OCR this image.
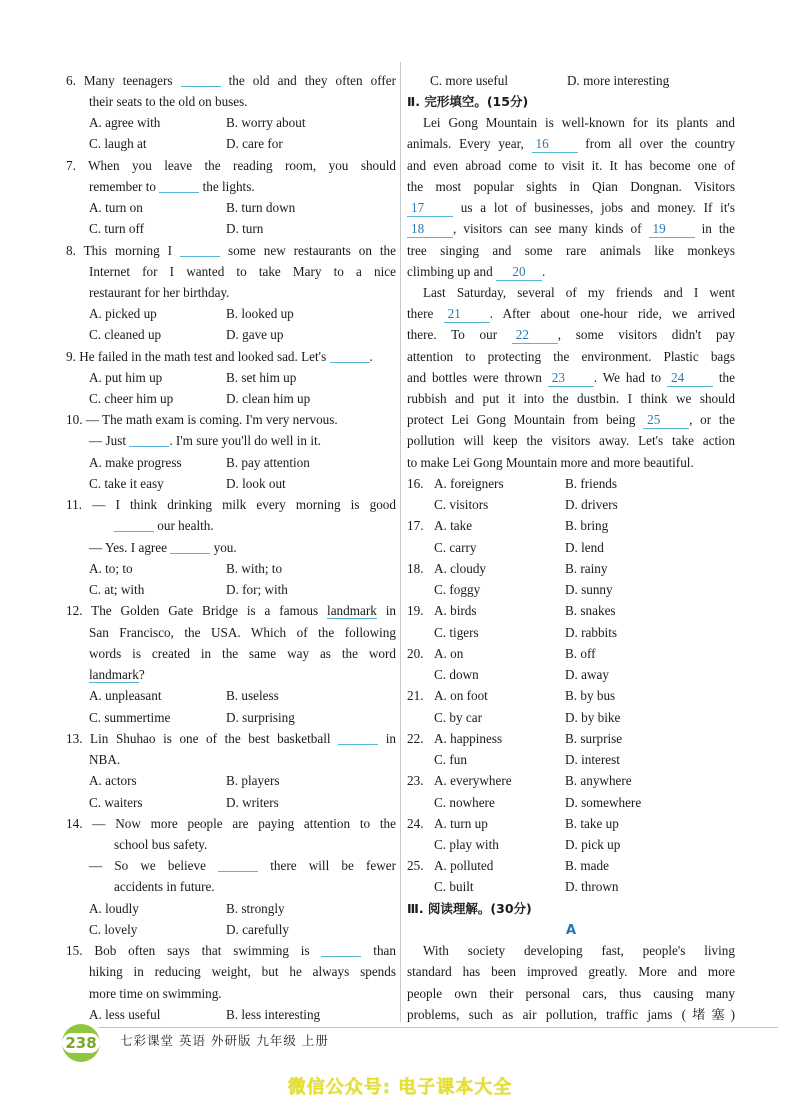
6. Many teenagers	the old and they often offer
their seats to the old on buses.
A. agree with	B. worry about
C. laugh at	D. care for
7. When you leave the reading room, you should
remember to	the lights.
A. turn on	B. turn down
C. turn off	D. turn
8. This morning I	some new restaurants on the
Internet for I wanted to take Mary to a nice
restaurant for her birthday.
A. picked up	B. looked up
C. cleaned up	D. gave up
9. He failed in the math test and looked sad. Let's	.
A. put him up	B. set him up
C. cheer him up	D. clean him up
10. — The math exam is coming. I'm very nervous.
— Just	. I'm sure you'll do well in it.
A. make progress	B. pay attention
C. take it easy	D. look out
11. — I think drinking milk every morning is good
our health.
— Yes. I agree	you.
A. to; to	B. with; to
C. at; with	D. for; with
12. The Golden Gate Bridge is a famous landmark in
San Francisco, the USA. Which of the following
words is created in the same way as the word
landmark?
A. unpleasant	B. useless
C. summertime	D. surprising
13. Lin Shuhao is one of the best basketball	in
NBA.
A. actors	B. players
C. waiters	D. writers
14. — Now more people are paying attention to the
school bus safety.
— So we believe	there will be fewer
accidents in future.
A. loudly	B. strongly
C. lovely	D. carefully
15. Bob often says that swimming is	than
hiking in reducing weight, but he always spends
more time on swimming.
A. less useful	B. less interesting
C. more useful	D. more interesting
Ⅱ. 完形填空。(15分)
Lei Gong Mountain is well-known for its plants and
animals. Every year, 16 from all over the country
and even abroad come to visit it. It has become one of
the most popular sights in Qian Dongnan. Visitors
17 us a lot of businesses, jobs and money. If it's
18 , visitors can see many kinds of 19 in the
tree singing and some rare animals like monkeys
climbing up and 20 .
Last Saturday, several of my friends and I went
there 21 . After about one-hour ride, we arrived
there. To our 22 , some visitors didn't pay
attention to protecting the environment. Plastic bags
and bottles were thrown 23 . We had to 24 the
rubbish and put it into the dustbin. I think we should
protect Lei Gong Mountain from being 25 , or the
pollution will keep the visitors away. Let's take action
to make Lei Gong Mountain more and more beautiful.
16. A. foreigners	B. friends
C. visitors	D. drivers
17. A. take	B. bring
C. carry	D. lend
18. A. cloudy	B. rainy
C. foggy	D. sunny
19. A. birds	B. snakes
C. tigers	D. rabbits
20. A. on	B. off
C. down	D. away
21. A. on foot	B. by bus
C. by car	D. by bike
22. A. happiness	B. surprise
C. fun	D. interest
23. A. everywhere	B. anywhere
C. nowhere	D. somewhere
24. A. turn up	B. take up
C. play with	D. pick up
25. A. polluted	B. made
C. built	D. thrown
Ⅲ. 阅读理解。(30分)
A
With society developing fast, people's living
standard has been improved greatly. More and more
people own their personal cars, thus causing many
problems, such as air pollution, traffic jams (堵塞)
238 七彩课堂 英语 外研版 九年级 上册
微信公众号: 电子课本大全
